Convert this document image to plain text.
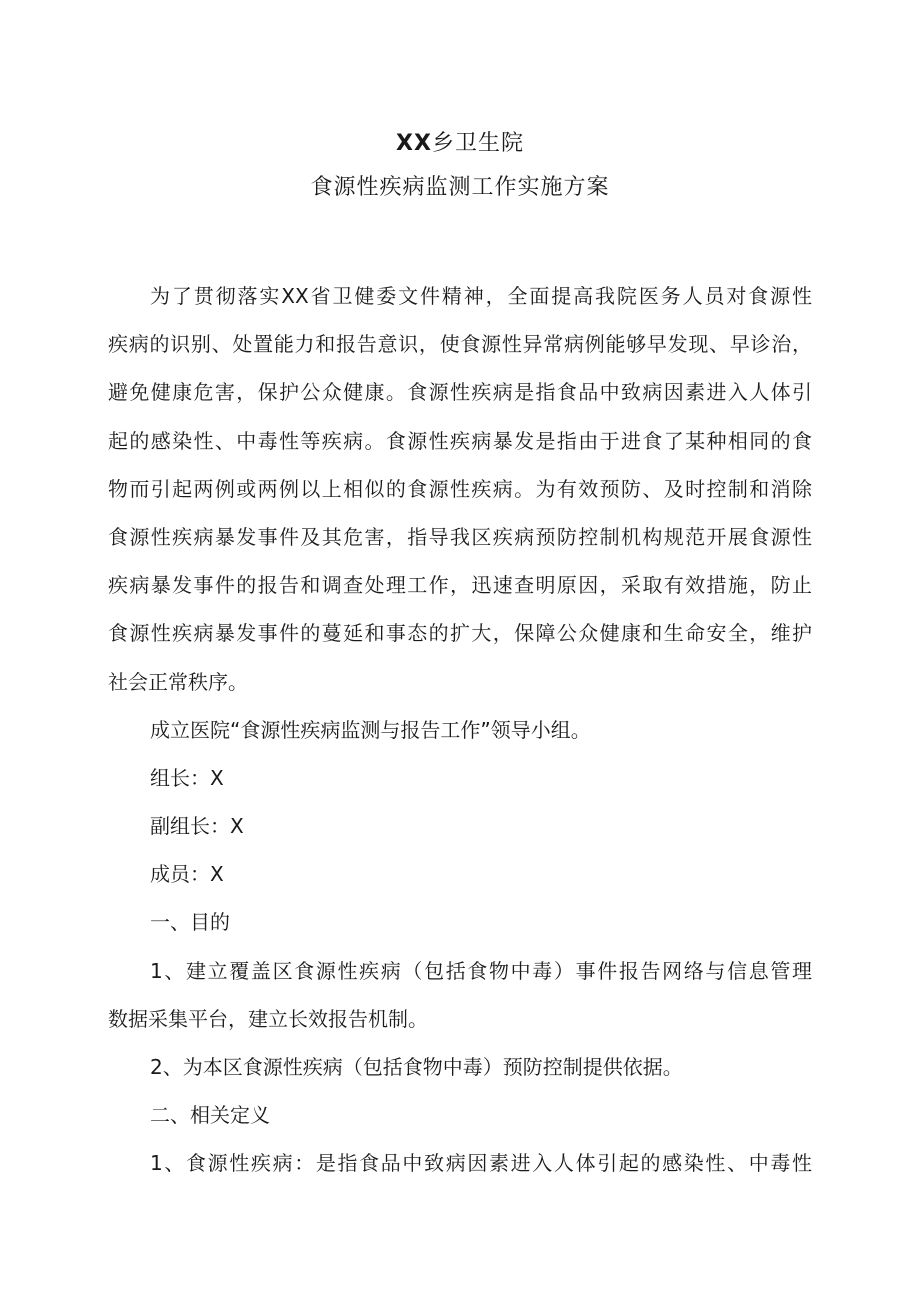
XX乡卫生院
食源性疾病监测工作实施方案
为了贯彻落实XX省卫健委文件精神，全面提高我院医务人员对食源性
疾病的识别、处置能力和报告意识，使食源性异常病例能够早发现、早诊治，
避免健康危害，保护公众健康。食源性疾病是指食品中致病因素进入人体引
起的感染性、中毒性等疾病。食源性疾病暴发是指由于进食了某种相同的食
物而引起两例或两例以上相似的食源性疾病。为有效预防、及时控制和消除
食源性疾病暴发事件及其危害，指导我区疾病预防控制机构规范开展食源性
疾病暴发事件的报告和调查处理工作，迅速查明原因，采取有效措施，防止
食源性疾病暴发事件的蔓延和事态的扩大，保障公众健康和生命安全，维护
社会正常秩序。
成立医院“食源性疾病监测与报告工作”领导小组。
组长：X
副组长：X
成员：X
一、目的
1、建立覆盖区食源性疾病（包括食物中毒）事件报告网络与信息管理
数据采集平台，建立长效报告机制。
2、为本区食源性疾病（包括食物中毒）预防控制提供依据。
二、相关定义
1、食源性疾病：是指食品中致病因素进入人体引起的感染性、中毒性
